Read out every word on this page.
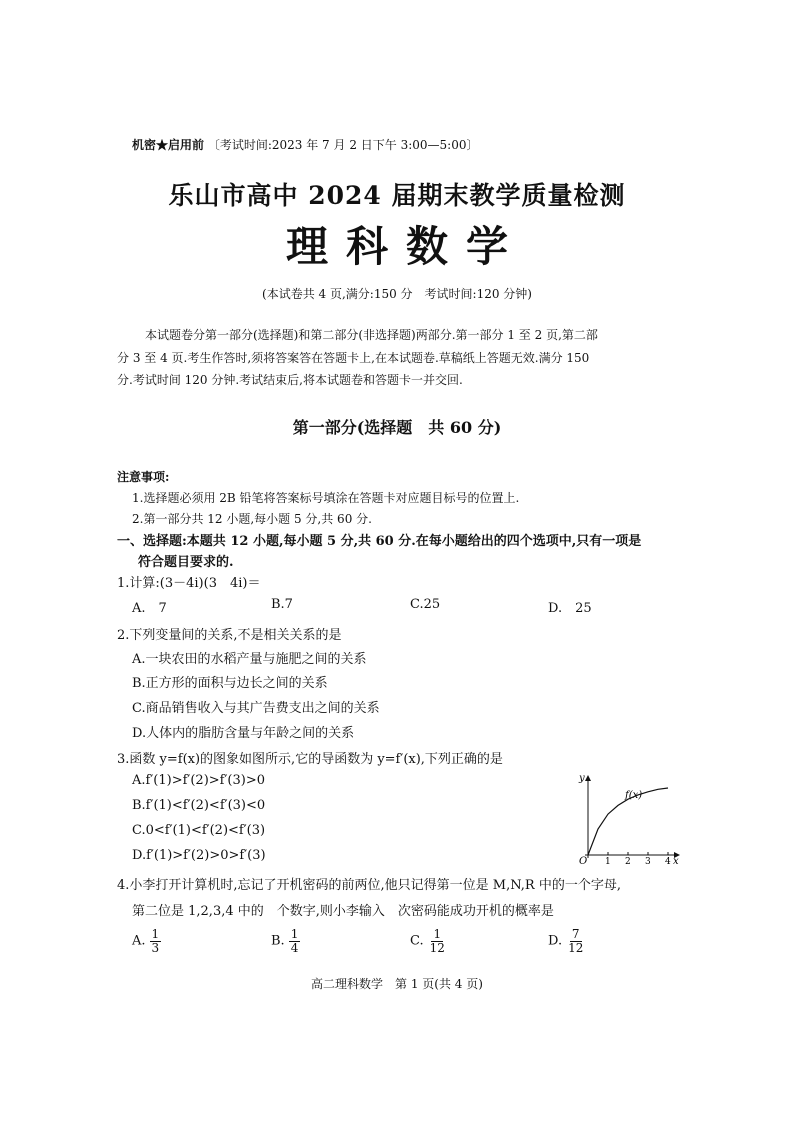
机密★启用前 〔考试时间:2023 年 7 月 2 日下午 3:00—5:00〕
乐山市高中 2024 届期末教学质量检测
理科数学
(本试卷共 4 页,满分:150 分　考试时间:120 分钟)
本试题卷分第一部分(选择题)和第二部分(非选择题)两部分.第一部分 1 至 2 页,第二部
分 3 至 4 页.考生作答时,须将答案答在答题卡上,在本试题卷.草稿纸上答题无效.满分 150
分.考试时间 120 分钟.考试结束后,将本试题卷和答题卡一并交回.
第一部分(选择题　共 60 分)
注意事项:
1.选择题必须用 2B 铅笔将答案标号填涂在答题卡对应题目标号的位置上.
2.第一部分共 12 小题,每小题 5 分,共 60 分.
一、选择题:本题共 12 小题,每小题 5 分,共 60 分.在每小题给出的四个选项中,只有一项是
符合题目要求的.
1.计算:(3－4i)(3　4i)＝
A.　7	B.7	C.25	D.　25
2.下列变量间的关系,不是相关关系的是
A.一块农田的水稻产量与施肥之间的关系
B.正方形的面积与边长之间的关系
C.商品销售收入与其广告费支出之间的关系
D.人体内的脂肪含量与年龄之间的关系
3.函数 y=f(x)的图象如图所示,它的导函数为 y=f′(x),下列正确的是
A.f′(1)>f′(2)>f′(3)>0
B.f′(1)<f′(2)<f′(3)<0
C.0<f′(1)<f′(2)<f′(3)
D.f′(1)>f′(2)>0>f′(3)
y
x
O
f(x)
1 2 3 4
4.小李打开计算机时,忘记了开机密码的前两位,他只记得第一位是 M,N,R 中的一个字母,
第二位是 1,2,3,4 中的　个数字,则小李输入　次密码能成功开机的概率是
A. $\frac{1}{3}$	B. $\frac{1}{4}$	C. $\frac{1}{12}$	D. $\frac{7}{12}$
高二理科数学　第 1 页(共 4 页)
